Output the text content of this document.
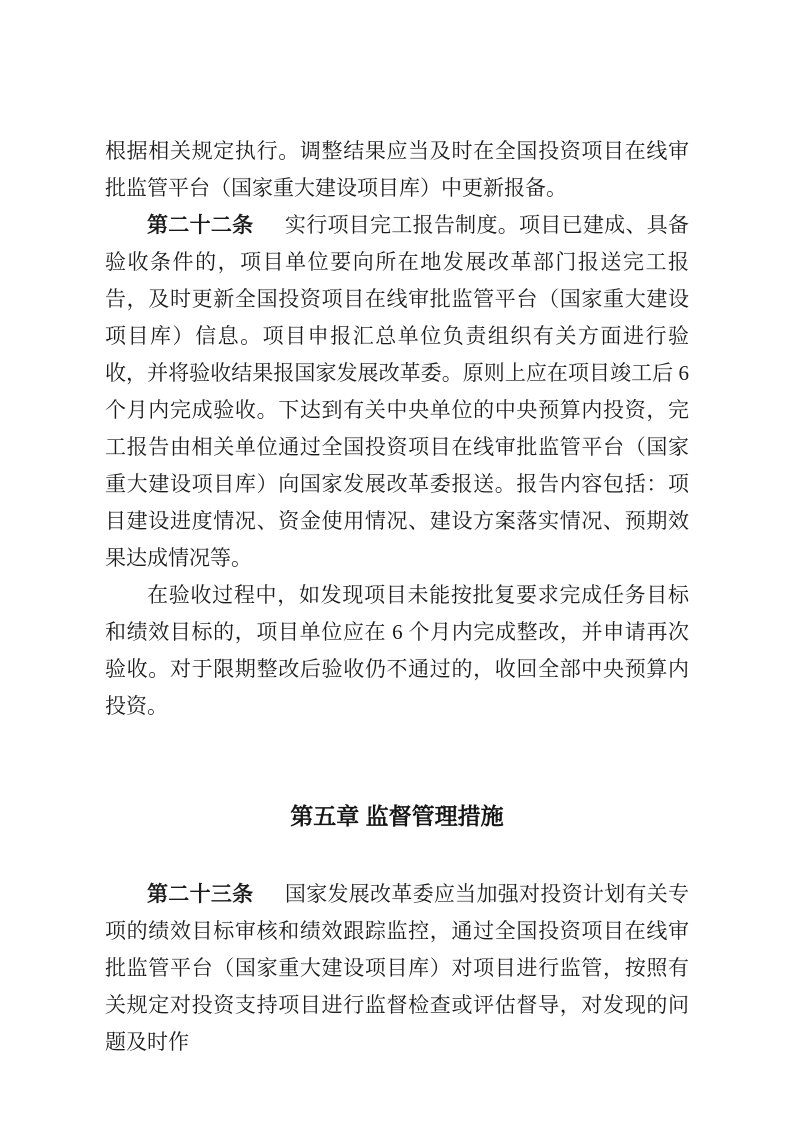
根据相关规定执行。调整结果应当及时在全国投资项目在线审批监管平台（国家重大建设项目库）中更新报备。

第二十二条 实行项目完工报告制度。项目已建成、具备验收条件的，项目单位要向所在地发展改革部门报送完工报告，及时更新全国投资项目在线审批监管平台（国家重大建设项目库）信息。项目申报汇总单位负责组织有关方面进行验收，并将验收结果报国家发展改革委。原则上应在项目竣工后 6 个月内完成验收。下达到有关中央单位的中央预算内投资，完工报告由相关单位通过全国投资项目在线审批监管平台（国家重大建设项目库）向国家发展改革委报送。报告内容包括：项目建设进度情况、资金使用情况、建设方案落实情况、预期效果达成情况等。

在验收过程中，如发现项目未能按批复要求完成任务目标和绩效目标的，项目单位应在 6 个月内完成整改，并申请再次验收。对于限期整改后验收仍不通过的，收回全部中央预算内投资。

第五章 监督管理措施

第二十三条 国家发展改革委应当加强对投资计划有关专项的绩效目标审核和绩效跟踪监控，通过全国投资项目在线审批监管平台（国家重大建设项目库）对项目进行监管，按照有关规定对投资支持项目进行监督检查或评估督导，对发现的问题及时作
